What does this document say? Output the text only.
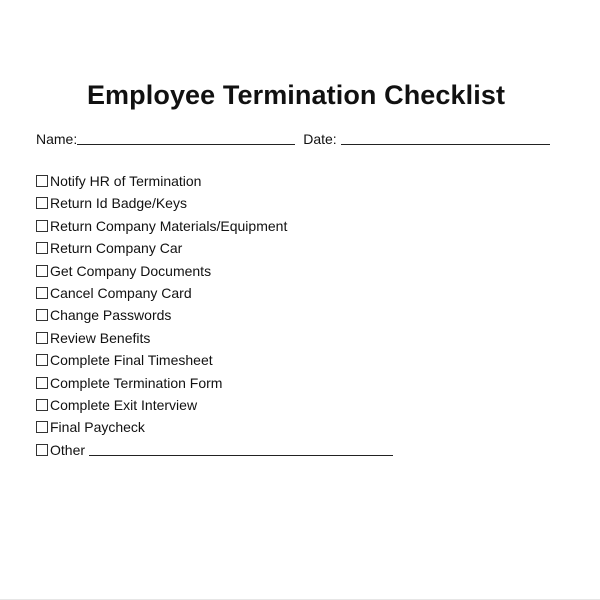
Employee Termination Checklist
Name:	Date:
Notify HR of Termination
Return Id Badge/Keys
Return Company Materials/Equipment
Return Company Car
Get Company Documents
Cancel Company Card
Change Passwords
Review Benefits
Complete Final Timesheet
Complete Termination Form
Complete Exit Interview
Final Paycheck
Other
